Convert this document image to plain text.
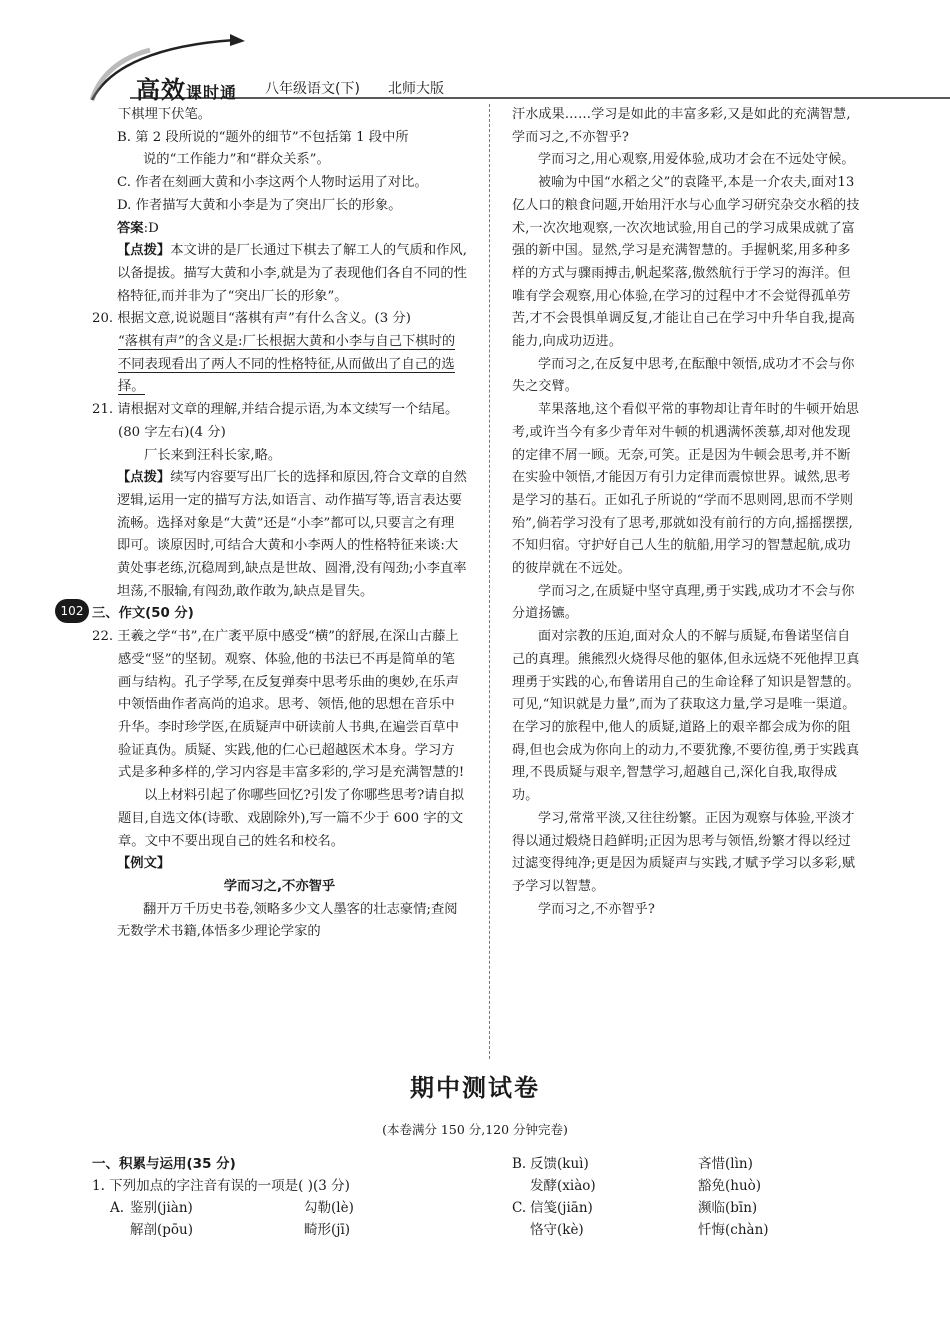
高效课时通 八年级语文(下) 北师大版

下棋埋下伏笔。

B. 第 2 段所说的“题外的细节”不包括第 1 段中所

说的“工作能力”和“群众关系”。

C. 作者在刻画大黄和小李这两个人物时运用了对比。

D. 作者描写大黄和小李是为了突出厂长的形象。

答案:D

【点拨】本文讲的是厂长通过下棋去了解工人的气质和作风,以备提拔。描写大黄和小李,就是为了表现他们各自不同的性格特征,而并非为了“突出厂长的形象”。

20. 根据文意,说说题目“落棋有声”有什么含义。(3 分)

“落棋有声”的含义是:厂长根据大黄和小李与自己下棋时的不同表现看出了两人不同的性格特征,从而做出了自己的选择。

21. 请根据对文章的理解,并结合提示语,为本文续写一个结尾。(80 字左右)(4 分)

厂长来到汪科长家,略。

【点拨】续写内容要写出厂长的选择和原因,符合文章的自然逻辑,运用一定的描写方法,如语言、动作描写等,语言表达要流畅。选择对象是“大黄”还是“小李”都可以,只要言之有理即可。谈原因时,可结合大黄和小李两人的性格特征来谈:大黄处事老练,沉稳周到,缺点是世故、圆滑,没有闯劲;小李直率坦荡,不服输,有闯劲,敢作敢为,缺点是冒失。

三、作文(50 分)

22. 王羲之学“书”,在广袤平原中感受“横”的舒展,在深山古藤上感受“竖”的坚韧。观察、体验,他的书法已不再是简单的笔画与结构。孔子学琴,在反复弹奏中思考乐曲的奥妙,在乐声中领悟曲作者高尚的追求。思考、领悟,他的思想在音乐中升华。李时珍学医,在质疑声中研读前人书典,在遍尝百草中验证真伪。质疑、实践,他的仁心已超越医术本身。学习方式是多种多样的,学习内容是丰富多彩的,学习是充满智慧的!

以上材料引起了你哪些回忆?引发了你哪些思考?请自拟题目,自选文体(诗歌、戏剧除外),写一篇不少于 600 字的文章。文中不要出现自己的姓名和校名。

【例文】

学而习之,不亦智乎

翻开万千历史书卷,领略多少文人墨客的壮志豪情;查阅无数学术书籍,体悟多少理论学家的

汗水成果……学习是如此的丰富多彩,又是如此的充满智慧,学而习之,不亦智乎?

学而习之,用心观察,用爱体验,成功才会在不远处守候。

被喻为中国“水稻之父”的袁隆平,本是一介农夫,面对13亿人口的粮食问题,开始用汗水与心血学习研究杂交水稻的技术,一次次地观察,一次次地试验,用自己的学习成果成就了富强的新中国。显然,学习是充满智慧的。手握帆桨,用多种多样的方式与骤雨搏击,帆起桨落,傲然航行于学习的海洋。但唯有学会观察,用心体验,在学习的过程中才不会觉得孤单劳苦,才不会畏惧单调反复,才能让自己在学习中升华自我,提高能力,向成功迈进。

学而习之,在反复中思考,在酝酿中领悟,成功才不会与你失之交臂。

苹果落地,这个看似平常的事物却让青年时的牛顿开始思考,或许当今有多少青年对牛顿的机遇满怀羡慕,却对他发现的定律不屑一顾。无奈,可笑。正是因为牛顿会思考,并不断在实验中领悟,才能因万有引力定律而震惊世界。诚然,思考是学习的基石。正如孔子所说的“学而不思则罔,思而不学则殆”,倘若学习没有了思考,那就如没有前行的方向,摇摇摆摆,不知归宿。守护好自己人生的航船,用学习的智慧起航,成功的彼岸就在不远处。

学而习之,在质疑中坚守真理,勇于实践,成功才不会与你分道扬镳。

面对宗教的压迫,面对众人的不解与质疑,布鲁诺坚信自己的真理。熊熊烈火烧得尽他的躯体,但永远烧不死他捍卫真理勇于实践的心,布鲁诺用自己的生命诠释了知识是智慧的。可见,“知识就是力量”,而为了获取这力量,学习是唯一渠道。在学习的旅程中,他人的质疑,道路上的艰辛都会成为你的阻碍,但也会成为你向上的动力,不要犹豫,不要彷徨,勇于实践真理,不畏质疑与艰辛,智慧学习,超越自己,深化自我,取得成功。

学习,常常平淡,又往往纷繁。正因为观察与体验,平淡才得以通过煅烧日趋鲜明;正因为思考与领悟,纷繁才得以经过过滤变得纯净;更是因为质疑声与实践,才赋予学习以多彩,赋予学习以智慧。

学而习之,不亦智乎?

102
期中测试卷
(本卷满分 150 分,120 分钟完卷)

一、积累与运用(35 分)

1. 下列加点的字注音有误的一项是( )(3 分)

A. 鉴别(jiàn)	勾勒(lè)
解剖(pōu)	畸形(jī)
B. 反馈(kuì)	吝惜(lìn)
发酵(xiào)	豁免(huò)
C. 信笺(jiān)	濒临(bīn)
恪守(kè)	忏悔(chàn)
